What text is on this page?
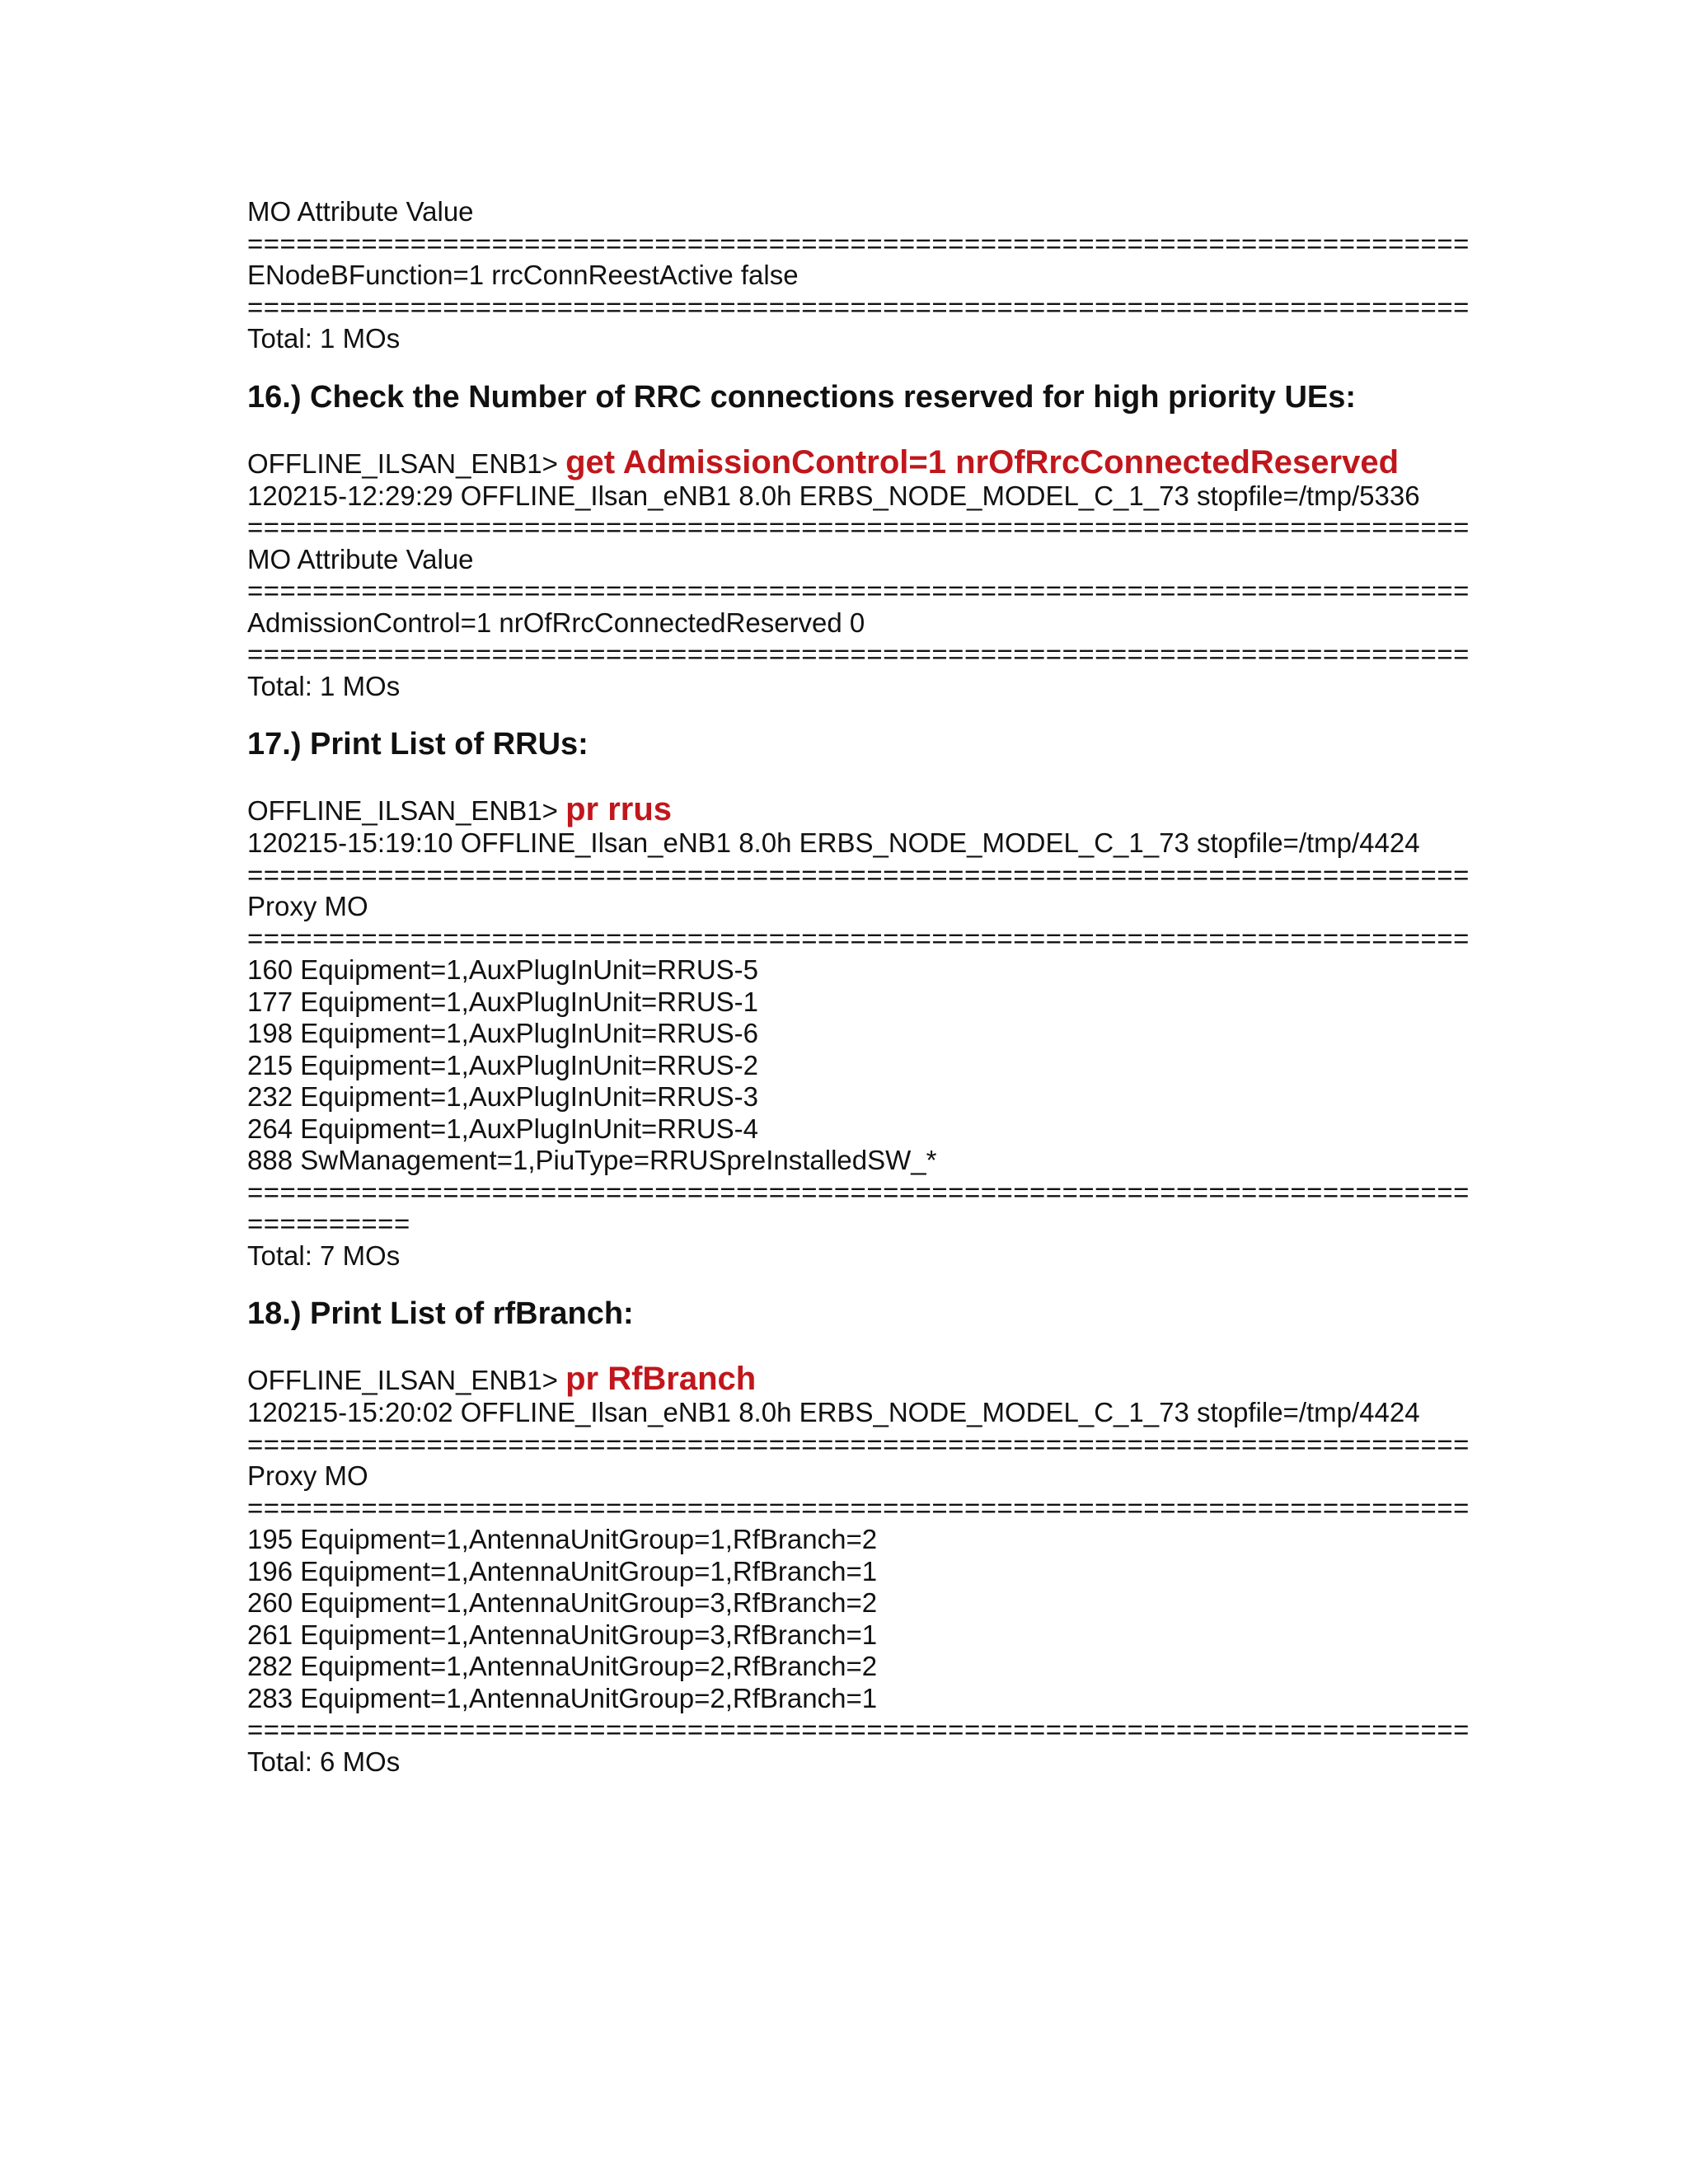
MO Attribute Value
===========================================================================
ENodeBFunction=1 rrcConnReestActive false
===========================================================================
Total: 1 MOs
16.) Check the Number of RRC connections reserved for high priority UEs:
OFFLINE_ILSAN_ENB1> get AdmissionControl=1 nrOfRrcConnectedReserved
120215-12:29:29 OFFLINE_Ilsan_eNB1 8.0h ERBS_NODE_MODEL_C_1_73 stopfile=/tmp/5336
===========================================================================
MO Attribute Value
===========================================================================
AdmissionControl=1 nrOfRrcConnectedReserved 0
===========================================================================
Total: 1 MOs
17.) Print List of RRUs:
OFFLINE_ILSAN_ENB1> pr rrus
120215-15:19:10 OFFLINE_Ilsan_eNB1 8.0h ERBS_NODE_MODEL_C_1_73 stopfile=/tmp/4424
===========================================================================
Proxy MO
===========================================================================
160 Equipment=1,AuxPlugInUnit=RRUS-5
177 Equipment=1,AuxPlugInUnit=RRUS-1
198 Equipment=1,AuxPlugInUnit=RRUS-6
215 Equipment=1,AuxPlugInUnit=RRUS-2
232 Equipment=1,AuxPlugInUnit=RRUS-3
264 Equipment=1,AuxPlugInUnit=RRUS-4
888 SwManagement=1,PiuType=RRUSpreInstalledSW_*
===========================================================================
==========
Total: 7 MOs
18.) Print List of rfBranch:
OFFLINE_ILSAN_ENB1> pr RfBranch
120215-15:20:02 OFFLINE_Ilsan_eNB1 8.0h ERBS_NODE_MODEL_C_1_73 stopfile=/tmp/4424
===========================================================================
Proxy MO
===========================================================================
195 Equipment=1,AntennaUnitGroup=1,RfBranch=2
196 Equipment=1,AntennaUnitGroup=1,RfBranch=1
260 Equipment=1,AntennaUnitGroup=3,RfBranch=2
261 Equipment=1,AntennaUnitGroup=3,RfBranch=1
282 Equipment=1,AntennaUnitGroup=2,RfBranch=2
283 Equipment=1,AntennaUnitGroup=2,RfBranch=1
===========================================================================
Total: 6 MOs
